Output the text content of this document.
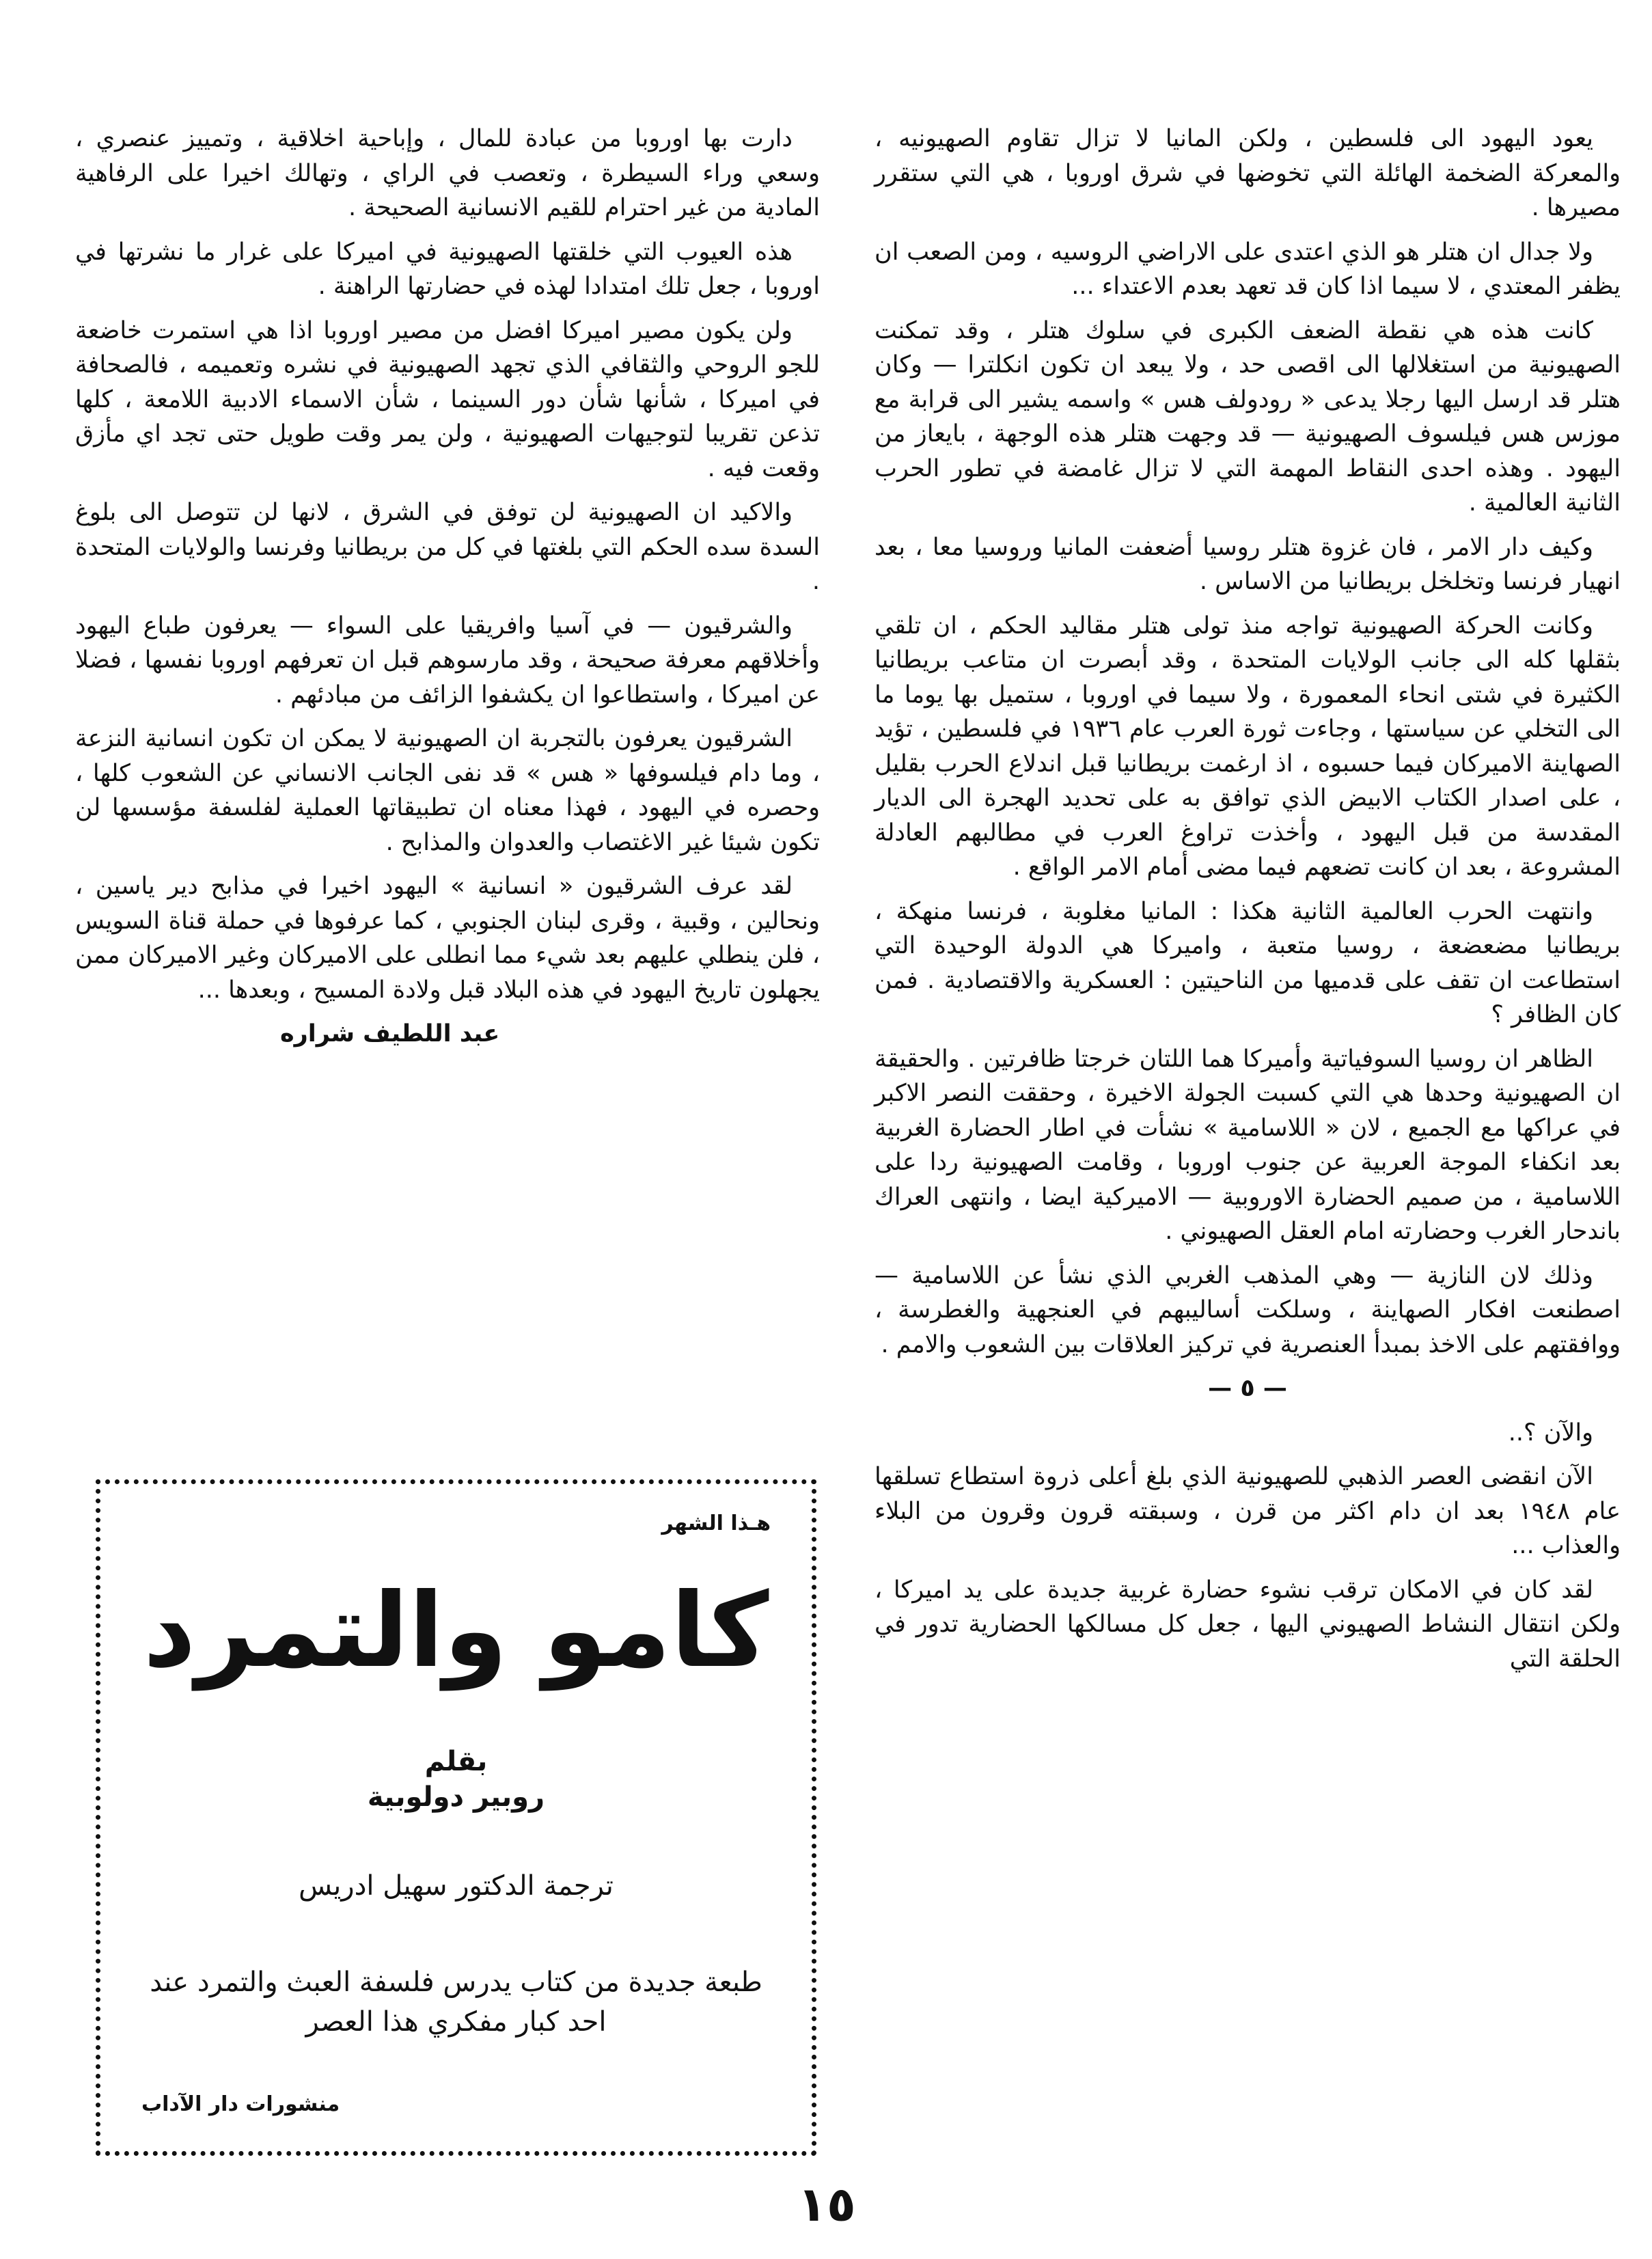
يعود اليهود الى فلسطين ، ولكن المانيا لا تزال تقاوم الصهيونيه ، والمعركة الضخمة الهائلة التي تخوضها في شرق اوروبا ، هي التي ستقرر مصيرها .

ولا جدال ان هتلر هو الذي اعتدى على الاراضي الروسيه ، ومن الصعب ان يظفر المعتدي ، لا سيما اذا كان قد تعهد بعدم الاعتداء ...

كانت هذه هي نقطة الضعف الكبرى في سلوك هتلر ، وقد تمكنت الصهيونية من استغلالها الى اقصى حد ، ولا يبعد ان تكون انكلترا — وكان هتلر قد ارسل اليها رجلا يدعى « رودولف هس » واسمه يشير الى قرابة مع موزس هس فيلسوف الصهيونية — قد وجهت هتلر هذه الوجهة ، بايعاز من اليهود . وهذه احدى النقاط المهمة التي لا تزال غامضة في تطور الحرب الثانية العالمية .

وكيف دار الامر ، فان غزوة هتلر روسيا أضعفت المانيا وروسيا معا ، بعد انهيار فرنسا وتخلخل بريطانيا من الاساس .

وكانت الحركة الصهيونية تواجه منذ تولى هتلر مقاليد الحكم ، ان تلقي بثقلها كله الى جانب الولايات المتحدة ، وقد أبصرت ان متاعب بريطانيا الكثيرة في شتى انحاء المعمورة ، ولا سيما في اوروبا ، ستميل بها يوما ما الى التخلي عن سياستها ، وجاءت ثورة العرب عام ١٩٣٦ في فلسطين ، تؤيد الصهاينة الاميركان فيما حسبوه ، اذ ارغمت بريطانيا قبل اندلاع الحرب بقليل ، على اصدار الكتاب الابيض الذي توافق به على تحديد الهجرة الى الديار المقدسة من قبل اليهود ، وأخذت تراوغ العرب في مطالبهم العادلة المشروعة ، بعد ان كانت تضعهم فيما مضى أمام الامر الواقع .

وانتهت الحرب العالمية الثانية هكذا : المانيا مغلوبة ، فرنسا منهكة ، بريطانيا مضعضعة ، روسيا متعبة ، واميركا هي الدولة الوحيدة التي استطاعت ان تقف على قدميها من الناحيتين : العسكرية والاقتصادية . فمن كان الظافر ؟

الظاهر ان روسيا السوفياتية وأميركا هما اللتان خرجتا ظافرتين . والحقيقة ان الصهيونية وحدها هي التي كسبت الجولة الاخيرة ، وحققت النصر الاكبر في عراكها مع الجميع ، لان « اللاسامية » نشأت في اطار الحضارة الغربية بعد انكفاء الموجة العربية عن جنوب اوروبا ، وقامت الصهيونية ردا على اللاسامية ، من صميم الحضارة الاوروبية — الاميركية ايضا ، وانتهى العراك باندحار الغرب وحضارته امام العقل الصهيوني .

وذلك لان النازية — وهي المذهب الغربي الذي نشأ عن اللاسامية — اصطنعت افكار الصهاينة ، وسلكت أساليبهم في العنجهية والغطرسة ، ووافقتهم على الاخذ بمبدأ العنصرية في تركيز العلاقات بين الشعوب والامم .

— ٥ —

والآن ؟..

الآن انقضى العصر الذهبي للصهيونية الذي بلغ أعلى ذروة استطاع تسلقها عام ١٩٤٨ بعد ان دام اكثر من قرن ، وسبقته قرون وقرون من البلاء والعذاب ...

لقد كان في الامكان ترقب نشوء حضارة غربية جديدة على يد اميركا ، ولكن انتقال النشاط الصهيوني اليها ، جعل كل مسالكها الحضارية تدور في الحلقة التي

دارت بها اوروبا من عبادة للمال ، وإباحية اخلاقية ، وتمييز عنصري ، وسعي وراء السيطرة ، وتعصب في الراي ، وتهالك اخيرا على الرفاهية المادية من غير احترام للقيم الانسانية الصحيحة .

هذه العيوب التي خلقتها الصهيونية في اميركا على غرار ما نشرتها في اوروبا ، جعل تلك امتدادا لهذه في حضارتها الراهنة .

ولن يكون مصير اميركا افضل من مصير اوروبا اذا هي استمرت خاضعة للجو الروحي والثقافي الذي تجهد الصهيونية في نشره وتعميمه ، فالصحافة في اميركا ، شأنها شأن دور السينما ، شأن الاسماء الادبية اللامعة ، كلها تذعن تقريبا لتوجيهات الصهيونية ، ولن يمر وقت طويل حتى تجد اي مأزق وقعت فيه .

والاكيد ان الصهيونية لن توفق في الشرق ، لانها لن تتوصل الى بلوغ السدة سده الحكم التي بلغتها في كل من بريطانيا وفرنسا والولايات المتحدة .

والشرقيون — في آسيا وافريقيا على السواء — يعرفون طباع اليهود وأخلاقهم معرفة صحيحة ، وقد مارسوهم قبل ان تعرفهم اوروبا نفسها ، فضلا عن اميركا ، واستطاعوا ان يكشفوا الزائف من مبادئهم .

الشرقيون يعرفون بالتجربة ان الصهيونية لا يمكن ان تكون انسانية النزعة ، وما دام فيلسوفها « هس » قد نفى الجانب الانساني عن الشعوب كلها ، وحصره في اليهود ، فهذا معناه ان تطبيقاتها العملية لفلسفة مؤسسها لن تكون شيئا غير الاغتصاب والعدوان والمذابح .

لقد عرف الشرقيون « انسانية » اليهود اخيرا في مذابح دير ياسين ، ونحالين ، وقبية ، وقرى لبنان الجنوبي ، كما عرفوها في حملة قناة السويس ، فلن ينطلي عليهم بعد شيء مما انطلى على الاميركان وغير الاميركان ممن يجهلون تاريخ اليهود في هذه البلاد قبل ولادة المسيح ، وبعدها ...

عبد اللطيف شراره

هـذا الشهر
كامو والتمرد
بقلم
روبير دولوبية
ترجمة الدكتور سهيل ادريس
طبعة جديدة من كتاب يدرس فلسفة العبث والتمرد عند احد كبار مفكري هذا العصر
منشورات دار الآداب
١٥
